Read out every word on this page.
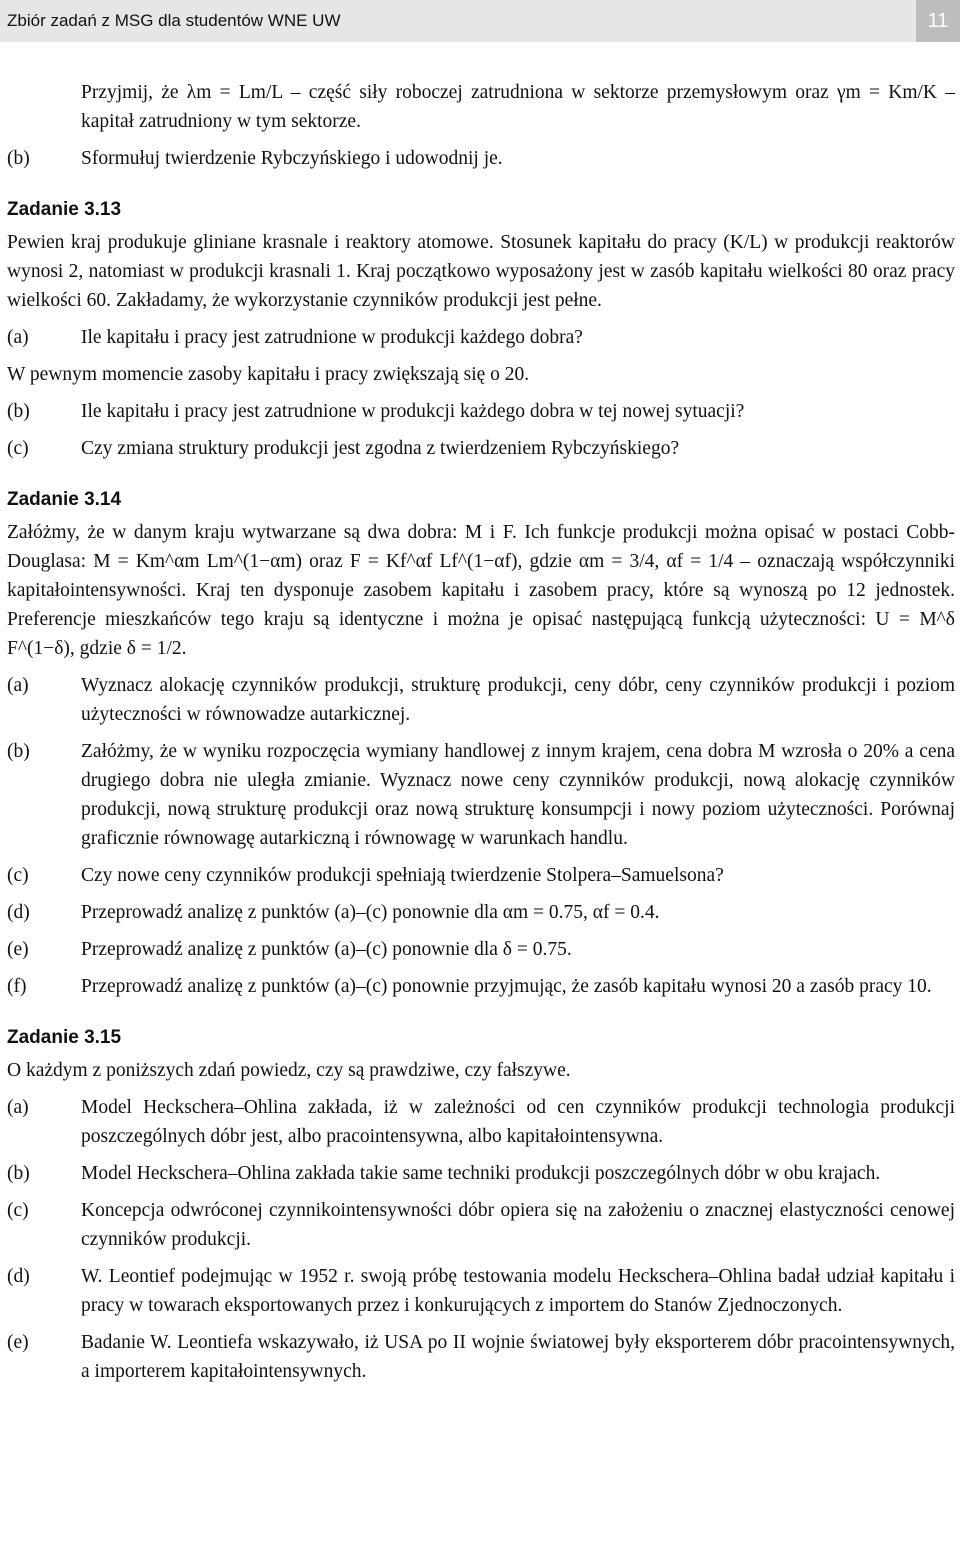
Zbiór zadań z MSG dla studentów WNE UW	11

Przyjmij, że λm = Lm/L – część siły roboczej zatrudniona w sektorze przemysłowym oraz γm = Km/K – kapitał zatrudniony w tym sektorze.

(b)	Sformułuj twierdzenie Rybczyńskiego i udowodnij je.
Zadanie 3.13

Pewien kraj produkuje gliniane krasnale i reaktory atomowe. Stosunek kapitału do pracy (K/L) w produkcji reaktorów wynosi 2, natomiast w produkcji krasnali 1. Kraj początkowo wyposażony jest w zasób kapitału wielkości 80 oraz pracy wielkości 60. Zakładamy, że wykorzystanie czynników produkcji jest pełne.

(a)	Ile kapitału i pracy jest zatrudnione w produkcji każdego dobra?

W pewnym momencie zasoby kapitału i pracy zwiększają się o 20.

(b)	Ile kapitału i pracy jest zatrudnione w produkcji każdego dobra w tej nowej sytuacji?
(c)	Czy zmiana struktury produkcji jest zgodna z twierdzeniem Rybczyńskiego?
Zadanie 3.14

Załóżmy, że w danym kraju wytwarzane są dwa dobra: M i F. Ich funkcje produkcji można opisać w postaci Cobb-Douglasa: M = Km^αm Lm^(1−αm) oraz F = Kf^αf Lf^(1−αf), gdzie αm = 3/4, αf = 1/4 – oznaczają współczynniki kapitałointensywności. Kraj ten dysponuje zasobem kapitału i zasobem pracy, które są wynoszą po 12 jednostek. Preferencje mieszkańców tego kraju są identyczne i można je opisać następującą funkcją użyteczności: U = M^δ F^(1−δ), gdzie δ = 1/2.

(a)	Wyznacz alokację czynników produkcji, strukturę produkcji, ceny dóbr, ceny czynników produkcji i poziom użyteczności w równowadze autarkicznej.
(b)	Załóżmy, że w wyniku rozpoczęcia wymiany handlowej z innym krajem, cena dobra M wzrosła o 20% a cena drugiego dobra nie uległa zmianie. Wyznacz nowe ceny czynników produkcji, nową alokację czynników produkcji, nową strukturę produkcji oraz nową strukturę konsumpcji i nowy poziom użyteczności. Porównaj graficznie równowagę autarkiczną i równowagę w warunkach handlu.
(c)	Czy nowe ceny czynników produkcji spełniają twierdzenie Stolpera–Samuelsona?
(d)	Przeprowadź analizę z punktów (a)–(c) ponownie dla αm = 0.75, αf = 0.4.
(e)	Przeprowadź analizę z punktów (a)–(c) ponownie dla δ = 0.75.
(f)	Przeprowadź analizę z punktów (a)–(c) ponownie przyjmując, że zasób kapitału wynosi 20 a zasób pracy 10.
Zadanie 3.15

O każdym z poniższych zdań powiedz, czy są prawdziwe, czy fałszywe.

(a)	Model Heckschera–Ohlina zakłada, iż w zależności od cen czynników produkcji technologia produkcji poszczególnych dóbr jest, albo pracointensywna, albo kapitałointensywna.
(b)	Model Heckschera–Ohlina zakłada takie same techniki produkcji poszczególnych dóbr w obu krajach.
(c)	Koncepcja odwróconej czynnikointensywności dóbr opiera się na założeniu o znacznej elastyczności cenowej czynników produkcji.
(d)	W. Leontief podejmując w 1952 r. swoją próbę testowania modelu Heckschera–Ohlina badał udział kapitału i pracy w towarach eksportowanych przez i konkurujących z importem do Stanów Zjednoczonych.
(e)	Badanie W. Leontiefa wskazywało, iż USA po II wojnie światowej były eksporterem dóbr pracointensywnych, a importerem kapitałointensywnych.
